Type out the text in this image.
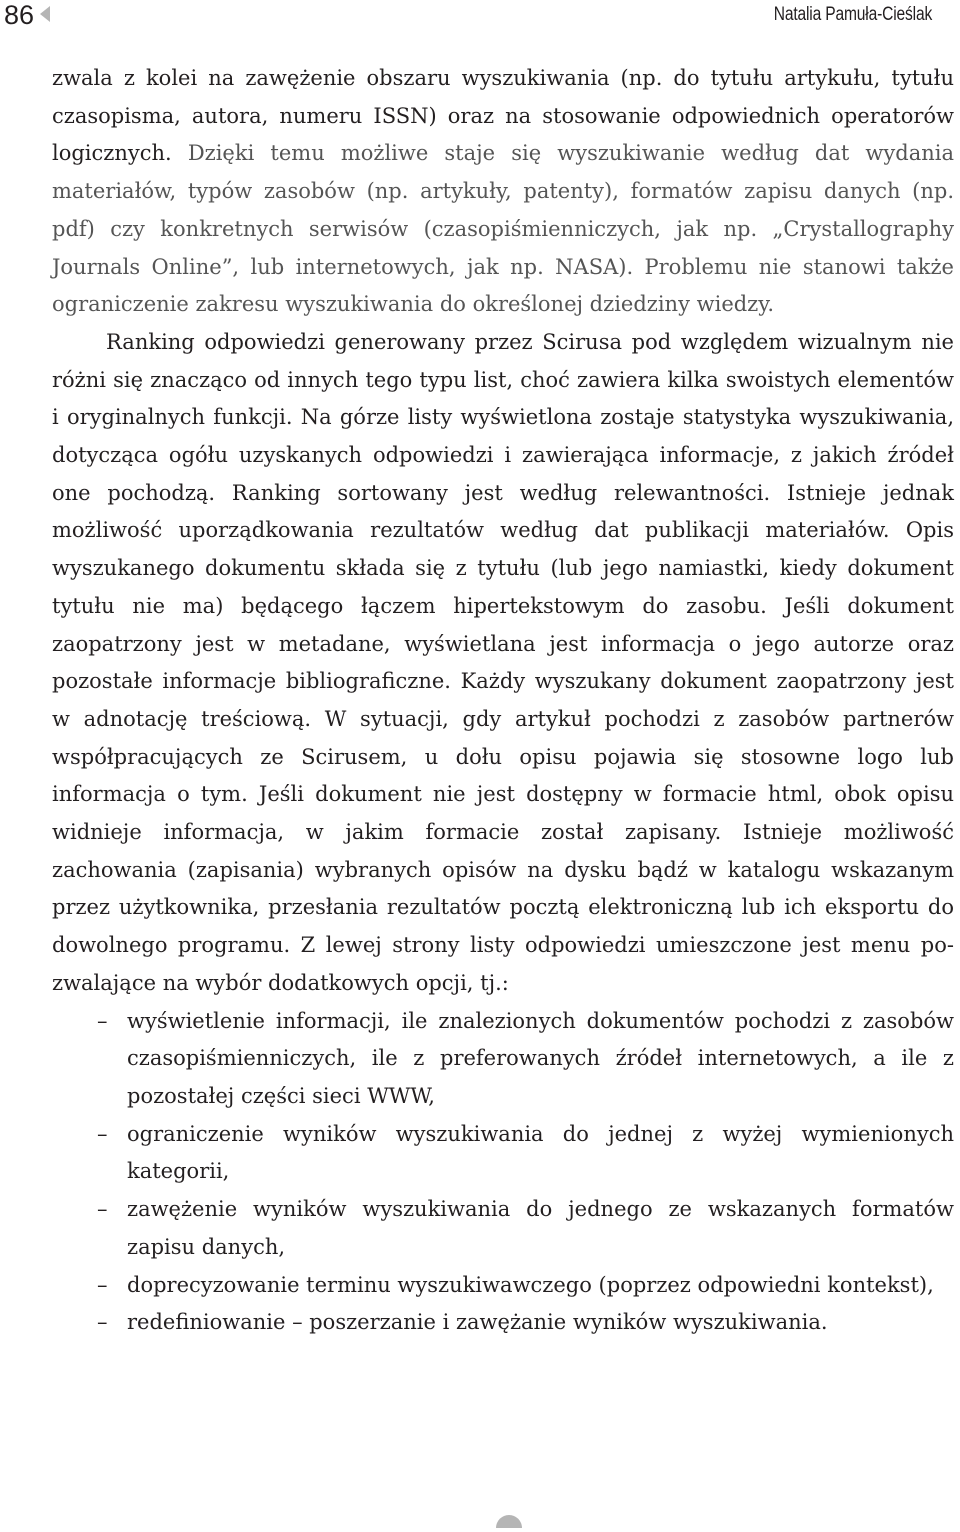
86	Natalia Pamuła-Cieślak

zwala z kolei na zawężenie obszaru wyszukiwania (np. do tytułu artykułu, tytułu czasopisma, autora, numeru ISSN) oraz na stosowanie odpowiednich operatorów logicznych. Dzięki temu możliwe staje się wyszukiwanie według dat wydania materiałów, typów zasobów (np. artykuły, patenty), formatów zapisu danych (np. pdf) czy konkretnych serwisów (czasopiśmienniczych, jak np. „Crystallography Journals Online”, lub internetowych, jak np. NASA). Problemu nie stanowi także ograniczenie zakresu wyszukiwania do określonej dziedziny wiedzy.

Ranking odpowiedzi generowany przez Scirusa pod względem wizualnym nie różni się znacząco od innych tego typu list, choć zawiera kilka swoistych elementów i oryginalnych funkcji. Na górze listy wyświetlona zostaje statystyka wyszukiwania, dotycząca ogółu uzyskanych odpowiedzi i zawierająca informacje, z jakich źródeł one pochodzą. Ranking sortowany jest według relewantności. Istnieje jednak możliwość uporządkowania rezultatów według dat publikacji materiałów. Opis wyszukanego dokumentu składa się z tytułu (lub jego namiastki, kiedy dokument tytułu nie ma) będącego łączem hipertekstowym do zasobu. Jeśli dokument zaopatrzony jest w metadane, wyświetlana jest informacja o jego autorze oraz pozostałe informacje bibliograficzne. Każdy wyszukany dokument zaopatrzony jest w adnotację treściową. W sytuacji, gdy artykuł pochodzi z zasobów partnerów współpracujących ze Scirusem, u dołu opisu pojawia się stosowne logo lub informacja o tym. Jeśli dokument nie jest dostępny w formacie html, obok opisu widnieje informacja, w jakim formacie został zapisany. Istnieje możliwość zachowania (zapisania) wybranych opisów na dysku bądź w katalogu wskazanym przez użytkownika, przesłania rezultatów pocztą elektroniczną lub ich eksportu do dowolnego programu. Z lewej strony listy odpowiedzi umieszczone jest menu pozwalające na wybór dodatkowych opcji, tj.:

– wyświetlenie informacji, ile znalezionych dokumentów pochodzi z zasobów czasopiśmienniczych, ile z preferowanych źródeł internetowych, a ile z pozostałej części sieci WWW,
– ograniczenie wyników wyszukiwania do jednej z wyżej wymienionych kategorii,
– zawężenie wyników wyszukiwania do jednego ze wskazanych formatów zapisu danych,
– doprecyzowanie terminu wyszukiwawczego (poprzez odpowiedni kontekst),
– redefiniowanie – poszerzanie i zawężanie wyników wyszukiwania.
